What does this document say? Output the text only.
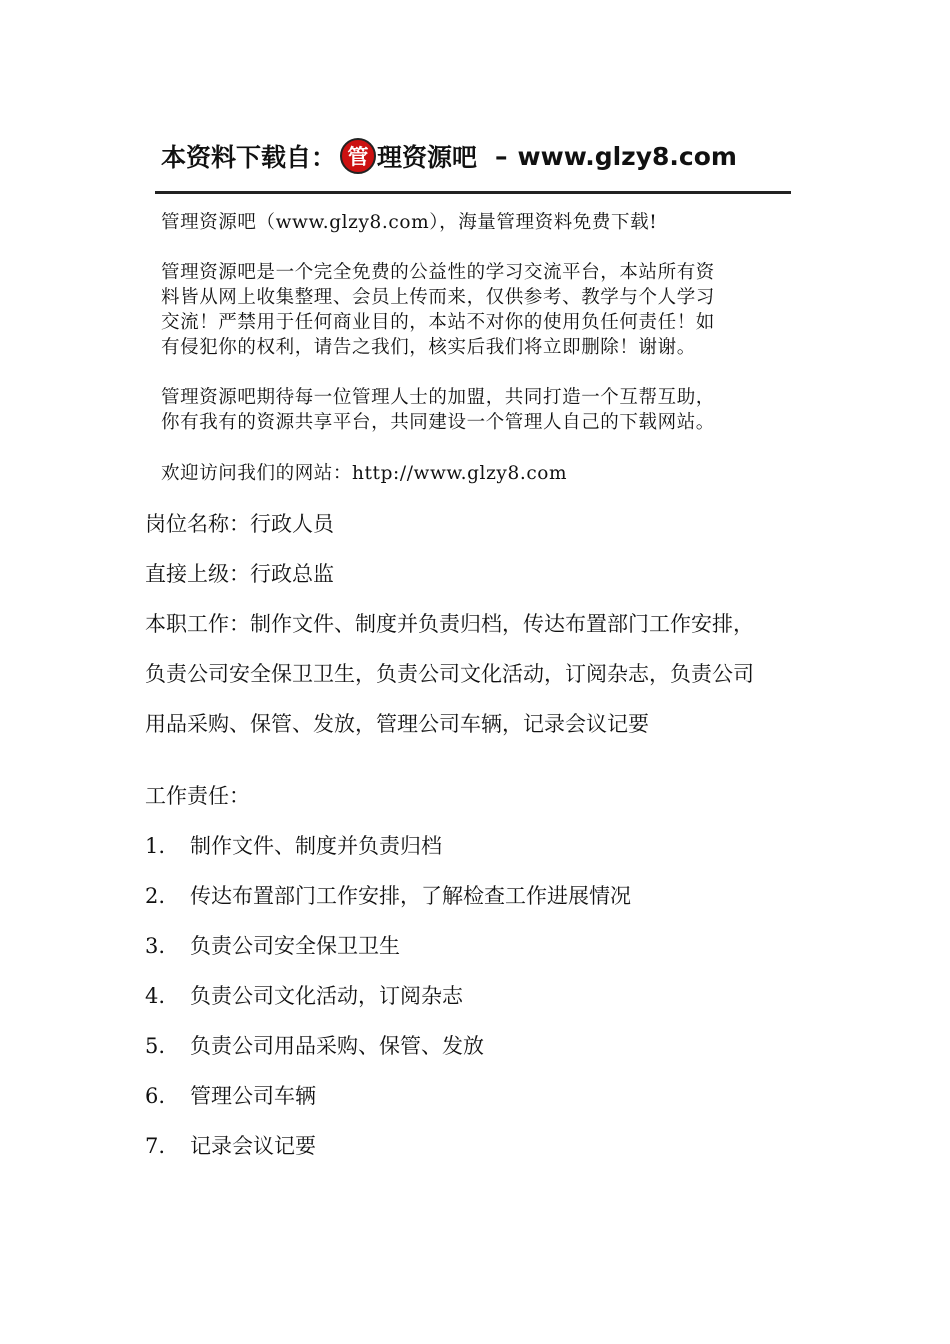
本资料下载自： 管 理资源吧 – www.glzy8.com
管理资源吧（www.glzy8.com），海量管理资料免费下载!
管理资源吧是一个完全免费的公益性的学习交流平台，本站所有资
料皆从网上收集整理、会员上传而来，仅供参考、教学与个人学习
交流！严禁用于任何商业目的，本站不对你的使用负任何责任！如
有侵犯你的权利，请告之我们，核实后我们将立即删除！谢谢。
管理资源吧期待每一位管理人士的加盟，共同打造一个互帮互助，
你有我有的资源共享平台，共同建设一个管理人自己的下载网站。
欢迎访问我们的网站：http://www.glzy8.com
岗位名称：行政人员
直接上级：行政总监
本职工作：制作文件、制度并负责归档，传达布置部门工作安排，
负责公司安全保卫卫生，负责公司文化活动，订阅杂志，负责公司
用品采购、保管、发放，管理公司车辆，记录会议记要
工作责任：
1. 制作文件、制度并负责归档
2. 传达布置部门工作安排，了解检查工作进展情况
3. 负责公司安全保卫卫生
4. 负责公司文化活动，订阅杂志
5. 负责公司用品采购、保管、发放
6. 管理公司车辆
7. 记录会议记要
